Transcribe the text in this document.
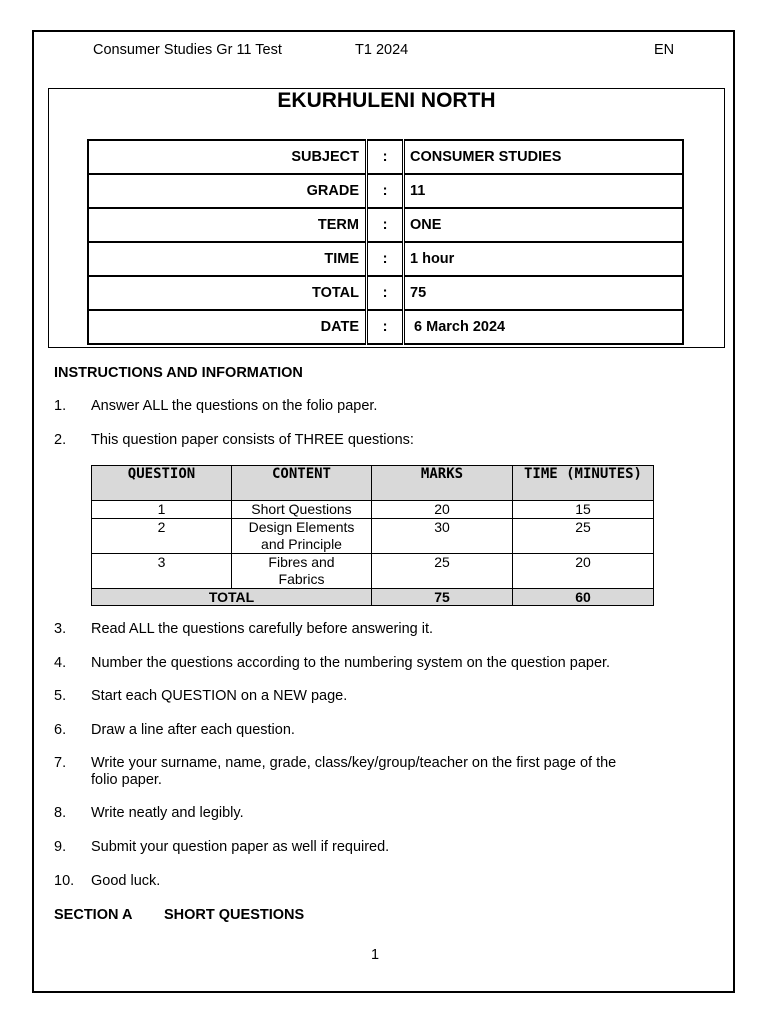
Consumer Studies Gr 11 Test	T1 2024	EN
EKURHULENI NORTH
SUBJECT	:	CONSUMER STUDIES
GRADE	:	11
TERM	:	ONE
TIME	:	1 hour
TOTAL	:	75
DATE	:	6 March 2024
INSTRUCTIONS AND INFORMATION
1. Answer ALL the questions on the folio paper.
2. This question paper consists of THREE questions:
QUESTION	CONTENT	MARKS	TIME (MINUTES)
1	Short Questions	20	15
2	Design Elements and Principle	30	25
3	Fibres and Fabrics	25	20
TOTAL		75	60
3. Read ALL the questions carefully before answering it.
4. Number the questions according to the numbering system on the question paper.
5. Start each QUESTION on a NEW page.
6. Draw a line after each question.
7. Write your surname, name, grade, class/key/group/teacher on the first page of the folio paper.
8. Write neatly and legibly.
9. Submit your question paper as well if required.
10. Good luck.
SECTION A SHORT QUESTIONS
1
